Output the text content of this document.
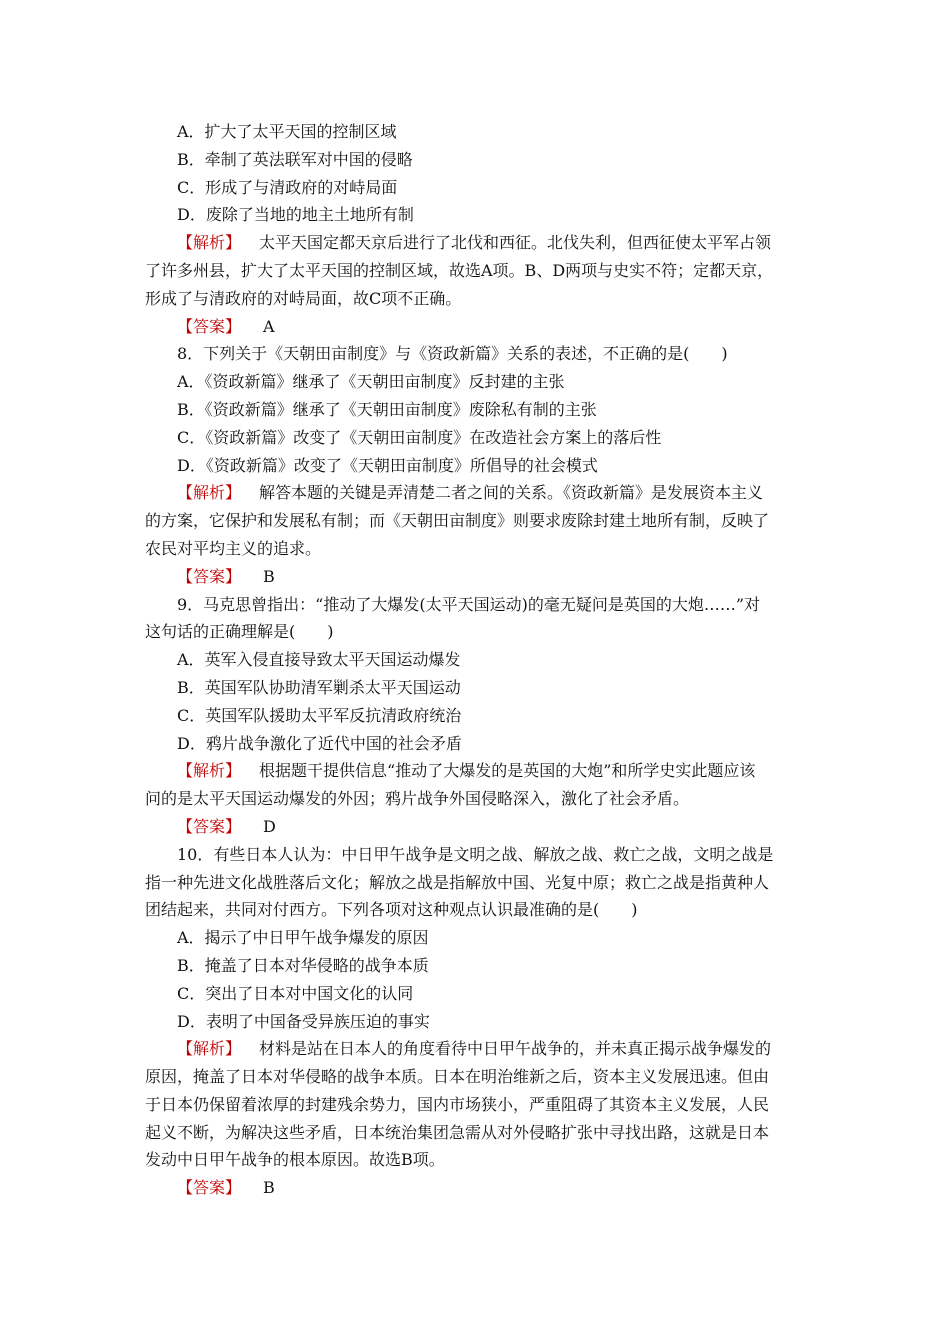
A．扩大了太平天国的控制区域
B．牵制了英法联军对中国的侵略
C．形成了与清政府的对峙局面
D．废除了当地的地主土地所有制
【解析】 太平天国定都天京后进行了北伐和西征。北伐失利，但西征使太平军占领
了许多州县，扩大了太平天国的控制区域，故选A项。B、D两项与史实不符；定都天京，
形成了与清政府的对峙局面，故C项不正确。
【答案】 A
8．下列关于《天朝田亩制度》与《资政新篇》关系的表述，不正确的是(　　)
A．《资政新篇》继承了《天朝田亩制度》反封建的主张
B．《资政新篇》继承了《天朝田亩制度》废除私有制的主张
C．《资政新篇》改变了《天朝田亩制度》在改造社会方案上的落后性
D．《资政新篇》改变了《天朝田亩制度》所倡导的社会模式
【解析】 解答本题的关键是弄清楚二者之间的关系。《资政新篇》是发展资本主义
的方案，它保护和发展私有制；而《天朝田亩制度》则要求废除封建土地所有制，反映了
农民对平均主义的追求。
【答案】 B
9．马克思曾指出：“推动了大爆发(太平天国运动)的毫无疑问是英国的大炮……”对
这句话的正确理解是(　　)
A．英军入侵直接导致太平天国运动爆发
B．英国军队协助清军剿杀太平天国运动
C．英国军队援助太平军反抗清政府统治
D．鸦片战争激化了近代中国的社会矛盾
【解析】 根据题干提供信息“推动了大爆发的是英国的大炮”和所学史实此题应该
问的是太平天国运动爆发的外因；鸦片战争外国侵略深入，激化了社会矛盾。
【答案】 D
10．有些日本人认为：中日甲午战争是文明之战、解放之战、救亡之战，文明之战是
指一种先进文化战胜落后文化；解放之战是指解放中国、光复中原；救亡之战是指黄种人
团结起来，共同对付西方。下列各项对这种观点认识最准确的是(　　)
A．揭示了中日甲午战争爆发的原因
B．掩盖了日本对华侵略的战争本质
C．突出了日本对中国文化的认同
D．表明了中国备受异族压迫的事实
【解析】 材料是站在日本人的角度看待中日甲午战争的，并未真正揭示战争爆发的
原因，掩盖了日本对华侵略的战争本质。日本在明治维新之后，资本主义发展迅速。但由
于日本仍保留着浓厚的封建残余势力，国内市场狭小，严重阻碍了其资本主义发展，人民
起义不断，为解决这些矛盾，日本统治集团急需从对外侵略扩张中寻找出路，这就是日本
发动中日甲午战争的根本原因。故选B项。
【答案】 B
